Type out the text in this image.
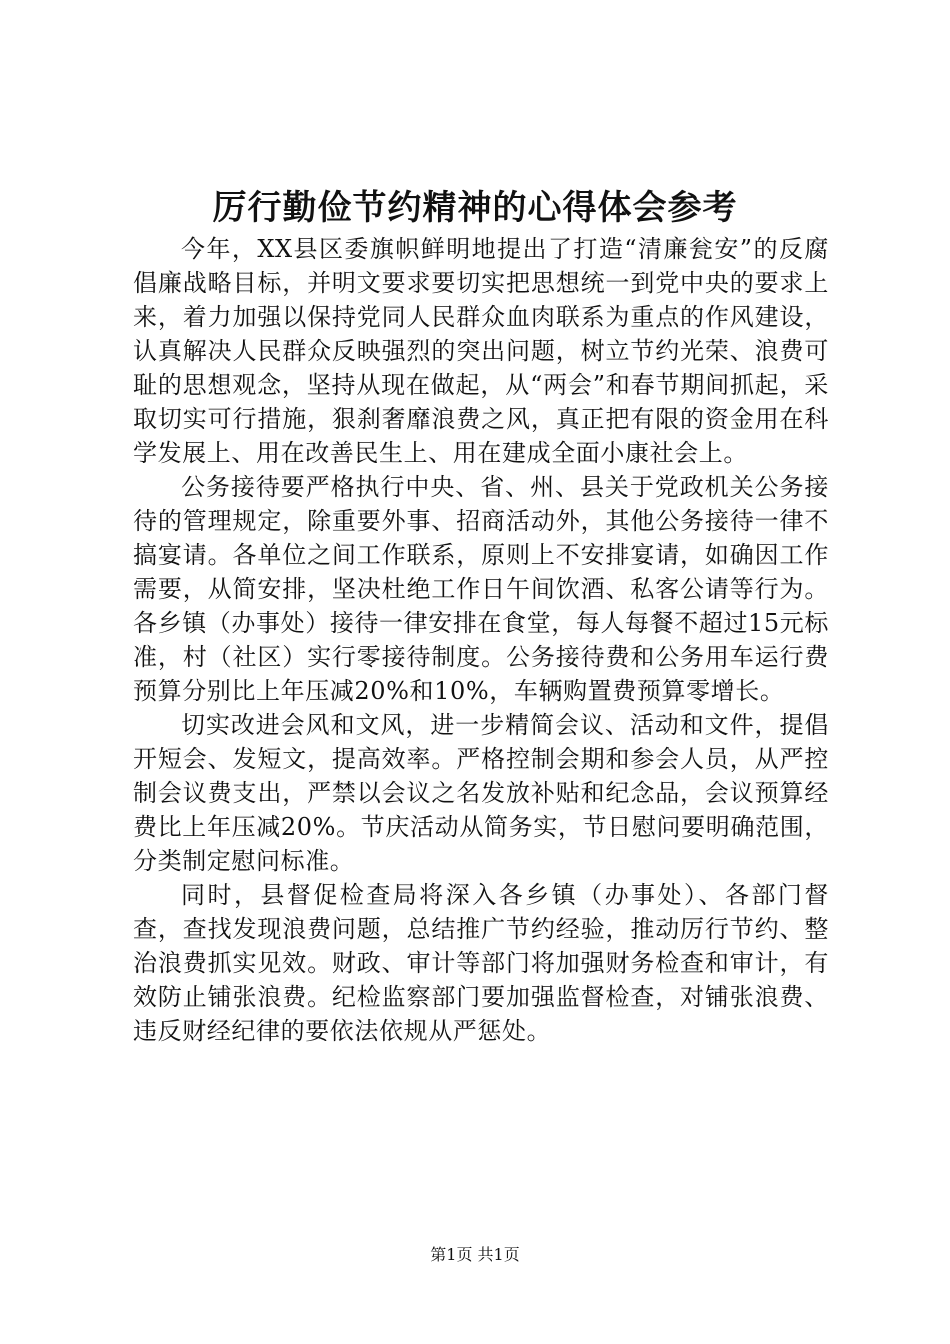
厉行勤俭节约精神的心得体会参考

今年，XX县区委旗帜鲜明地提出了打造“清廉瓮安”的反腐倡廉战略目标，并明文要求要切实把思想统一到党中央的要求上来，着力加强以保持党同人民群众血肉联系为重点的作风建设，认真解决人民群众反映强烈的突出问题，树立节约光荣、浪费可耻的思想观念，坚持从现在做起，从“两会”和春节期间抓起，采取切实可行措施，狠刹奢靡浪费之风，真正把有限的资金用在科学发展上、用在改善民生上、用在建成全面小康社会上。

公务接待要严格执行中央、省、州、县关于党政机关公务接待的管理规定，除重要外事、招商活动外，其他公务接待一律不搞宴请。各单位之间工作联系，原则上不安排宴请，如确因工作需要，从简安排，坚决杜绝工作日午间饮酒、私客公请等行为。各乡镇（办事处）接待一律安排在食堂，每人每餐不超过15元标准，村（社区）实行零接待制度。公务接待费和公务用车运行费预算分别比上年压减20%和10%，车辆购置费预算零增长。

切实改进会风和文风，进一步精简会议、活动和文件，提倡开短会、发短文，提高效率。严格控制会期和参会人员，从严控制会议费支出，严禁以会议之名发放补贴和纪念品，会议预算经费比上年压减20%。节庆活动从简务实，节日慰问要明确范围，分类制定慰问标准。

同时，县督促检查局将深入各乡镇（办事处）、各部门督查，查找发现浪费问题，总结推广节约经验，推动厉行节约、整治浪费抓实见效。财政、审计等部门将加强财务检查和审计，有效防止铺张浪费。纪检监察部门要加强监督检查，对铺张浪费、违反财经纪律的要依法依规从严惩处。

第1页 共1页
